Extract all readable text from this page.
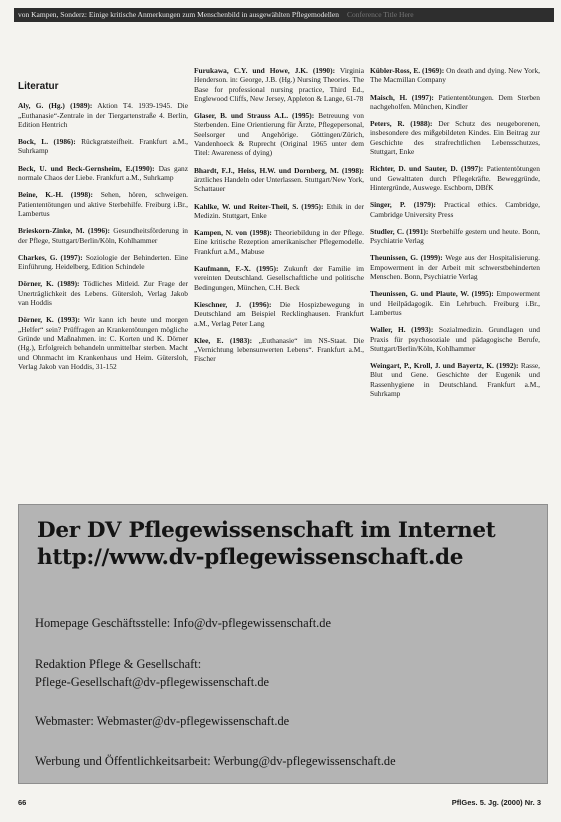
von Kampen, Sonderz: Einige kritische Anmerkungen zum Menschenbild in ausgewählten Pflegemodellen Conference Title Here
Literatur

Aly, G. (Hg.) (1989): Aktion T4. 1939-1945. Die „Euthanasie“-Zentrale in der Tiergartenstraße 4. Berlin, Edition Hentrich

Bock, L. (1986): Rückgratsteifheit. Frankfurt a.M., Suhrkamp

Beck, U. und Beck-Gernsheim, E.(1990): Das ganz normale Chaos der Liebe. Frankfurt a.M., Suhrkamp

Beine, K.-H. (1998): Sehen, hören, schweigen. Patiententötungen und aktive Sterbehilfe. Freiburg i.Br., Lambertus

Brieskorn-Zinke, M. (1996): Gesundheitsförderung in der Pflege, Stuttgart/Berlin/Köln, Kohlhammer

Charkes, G. (1997): Soziologie der Behinderten. Eine Einführung. Heidelberg, Edition Schindele

Dörner, K. (1989): Tödliches Mitleid. Zur Frage der Unerträglichkeit des Lebens. Gütersloh, Verlag Jakob van Hoddis

Dörner, K. (1993): Wir kann ich heute und morgen „Helfer“ sein? Prüffragen an Krankentötungen mögliche Gründe und Maßnahmen. in: C. Korten und K. Dörner (Hg.), Erfolgreich behandeln unmittelbar sterben. Macht und Ohnmacht im Krankenhaus und Heim. Gütersloh, Verlag Jakob van Hoddis, 31-152

Furukawa, C.Y. und Howe, J.K. (1990): Virginia Henderson. in: George, J.B. (Hg.) Nursing Theories. The Base for professional nursing practice, Third Ed., Englewood Cliffs, New Jersey, Appleton & Lange, 61-78

Glaser, B. und Strauss A.L. (1995): Betreuung von Sterbenden. Eine Orientierung für Ärzte, Pflegepersonal, Seelsorger und Angehörige. Göttingen/Zürich, Vandenhoeck & Ruprecht (Original 1965 unter dem Titel: Awareness of dying)

Bhardt, F.J., Heiss, H.W. und Dornberg, M. (1998): ärztliches Handeln oder Unterlassen. Stuttgart/New York, Schattauer

Kahlke, W. und Reiter-Theil, S. (1995): Ethik in der Medizin. Stuttgart, Enke

Kampen, N. von (1998): Theoriebildung in der Pflege. Eine kritische Rezeption amerikanischer Pflegemodelle. Frankfurt a.M., Mabuse

Kaufmann, F.-X. (1995): Zukunft der Familie im vereinten Deutschland. Gesellschaftliche und politische Bedingungen, München, C.H. Beck

Kieschner, J. (1996): Die Hospizbewegung in Deutschland am Beispiel Recklinghausen. Frankfurt a.M., Verlag Peter Lang

Klee, E. (1983): „Euthanasie“ im NS-Staat. Die „Vernichtung lebensunwerten Lebens“. Frankfurt a.M., Fischer

Kübler-Ross, E. (1969): On death and dying. New York, The Macmillan Company

Maisch, H. (1997): Patiententötungen. Dem Sterben nachgeholfen. München, Kindler

Peters, R. (1988): Der Schutz des neugeborenen, insbesondere des mißgebildeten Kindes. Ein Beitrag zur Geschichte des strafrechtlichen Lebensschutzes, Stuttgart, Enke

Richter, D. und Sauter, D. (1997): Patiententötungen und Gewalttaten durch Pflegekräfte. Beweggründe, Hintergründe, Auswege. Eschborn, DBfK

Singer, P. (1979): Practical ethics. Cambridge, Cambridge University Press

Studler, C. (1991): Sterbehilfe gestern und heute. Bonn, Psychiatrie Verlag

Theunissen, G. (1999): Wege aus der Hospitalisierung. Empowerment in der Arbeit mit schwerstbehinderten Menschen. Bonn, Psychiatrie Verlag

Theunissen, G. und Plaute, W. (1995): Empowerment und Heilpädagogik. Ein Lehrbuch. Freiburg i.Br., Lambertus

Waller, H. (1993): Sozialmedizin. Grundlagen und Praxis für psychosoziale und pädagogische Berufe, Stuttgart/Berlin/Köln, Kohlhammer

Weingart, P., Kroll, J. und Bayertz, K. (1992): Rasse, Blut und Gene. Geschichte der Eugenik und Rassenhygiene in Deutschland. Frankfurt a.M., Suhrkamp

Der DV Pflegewissenschaft im Internet
http://www.dv-pflegewissenschaft.de
Homepage Geschäftsstelle: Info@dv-pflegewissenschaft.de
Redaktion Pflege & Gesellschaft:
Pflege-Gesellschaft@dv-pflegewissenschaft.de
Webmaster: Webmaster@dv-pflegewissenschaft.de
Werbung und Öffentlichkeitsarbeit: Werbung@dv-pflegewissenschaft.de
66	PflGes. 5. Jg. (2000) Nr. 3
